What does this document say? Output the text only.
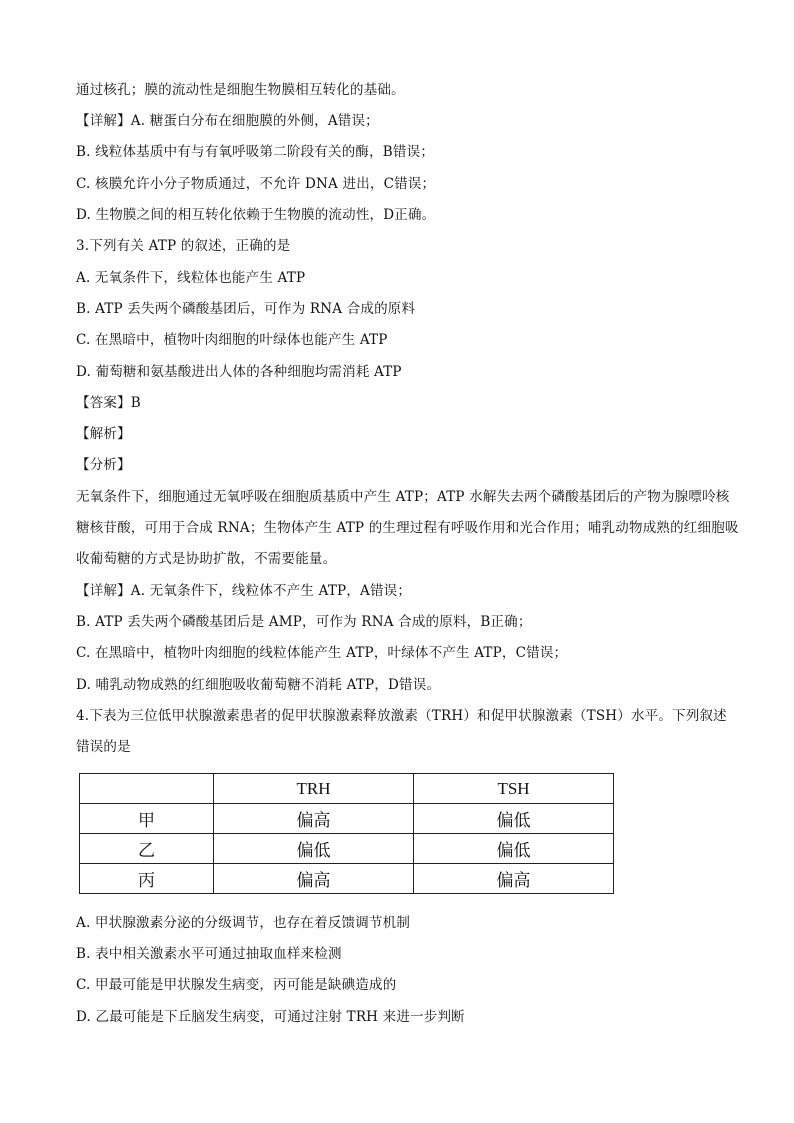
通过核孔；膜的流动性是细胞生物膜相互转化的基础。
【详解】A. 糖蛋白分布在细胞膜的外侧，A错误；
B. 线粒体基质中有与有氧呼吸第二阶段有关的酶，B错误；
C. 核膜允许小分子物质通过，不允许 DNA 进出，C错误；
D. 生物膜之间的相互转化依赖于生物膜的流动性，D正确。
3.下列有关 ATP 的叙述，正确的是
A. 无氧条件下，线粒体也能产生 ATP
B. ATP 丢失两个磷酸基团后，可作为 RNA 合成的原料
C. 在黑暗中，植物叶肉细胞的叶绿体也能产生 ATP
D. 葡萄糖和氨基酸进出人体的各种细胞均需消耗 ATP
【答案】B
【解析】
【分析】
无氧条件下，细胞通过无氧呼吸在细胞质基质中产生 ATP；ATP 水解失去两个磷酸基团后的产物为腺嘌呤核
糖核苷酸，可用于合成 RNA；生物体产生 ATP 的生理过程有呼吸作用和光合作用；哺乳动物成熟的红细胞吸
收葡萄糖的方式是协助扩散，不需要能量。
【详解】A. 无氧条件下，线粒体不产生 ATP，A错误；
B. ATP 丢失两个磷酸基团后是 AMP，可作为 RNA 合成的原料，B正确；
C. 在黑暗中，植物叶肉细胞的线粒体能产生 ATP，叶绿体不产生 ATP，C错误；
D. 哺乳动物成熟的红细胞吸收葡萄糖不消耗 ATP，D错误。
4.下表为三位低甲状腺激素患者的促甲状腺激素释放激素（TRH）和促甲状腺激素（TSH）水平。下列叙述
错误的是
	TRH	TSH
甲	偏高	偏低
乙	偏低	偏低
丙	偏高	偏高
A. 甲状腺激素分泌的分级调节，也存在着反馈调节机制
B. 表中相关激素水平可通过抽取血样来检测
C. 甲最可能是甲状腺发生病变，丙可能是缺碘造成的
D. 乙最可能是下丘脑发生病变，可通过注射 TRH 来进一步判断
